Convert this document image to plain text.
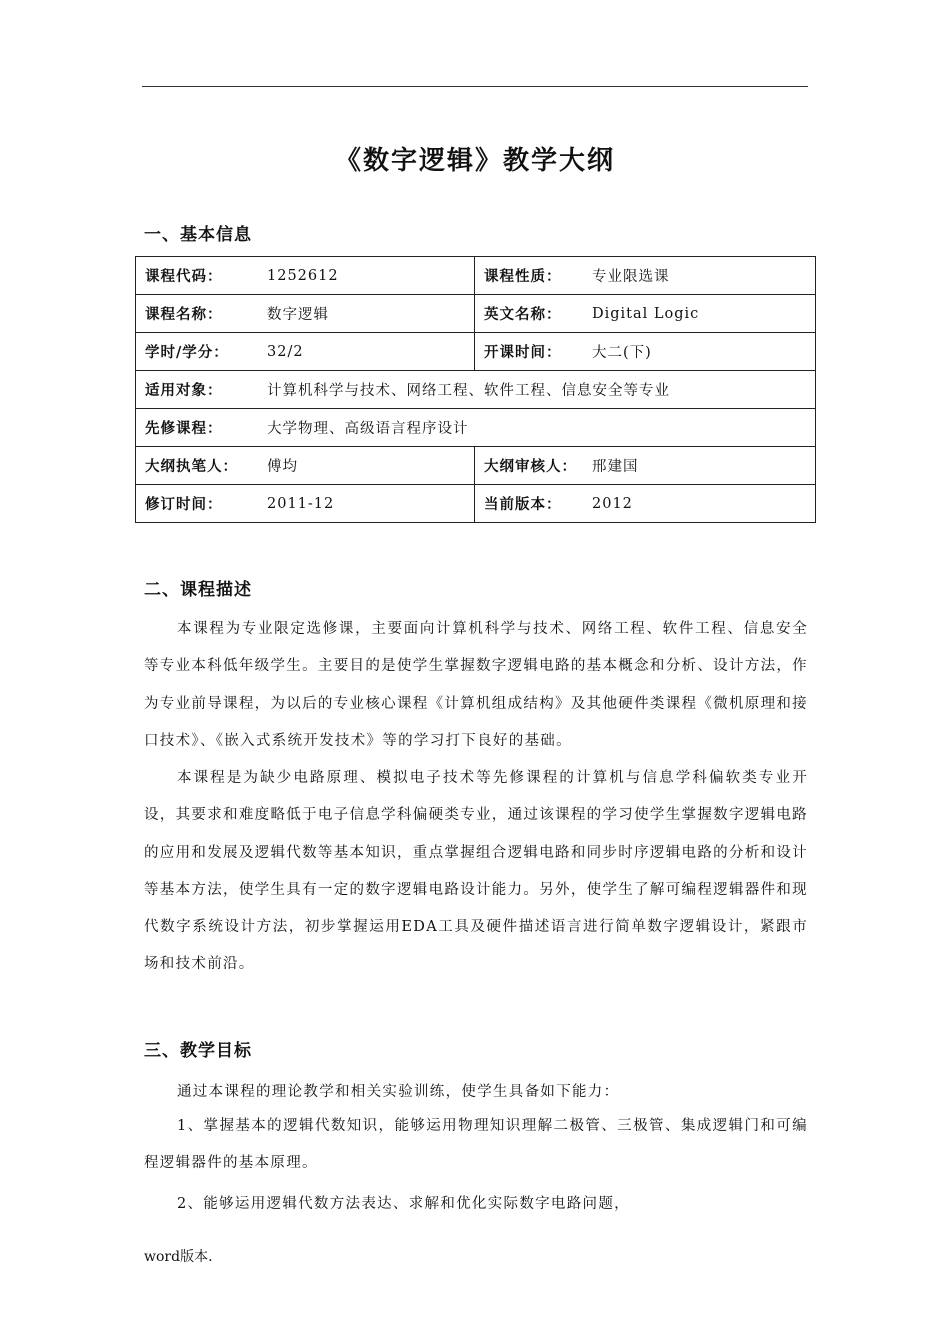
《数字逻辑》教学大纲
一、基本信息
课程代码： 1252612	课程性质： 专业限选课

课程名称： 数字逻辑	英文名称： Digital Logic

学时/学分： 32/2	开课时间： 大二(下)

适用对象： 计算机科学与技术、网络工程、软件工程、信息安全等专业	

先修课程： 大学物理、高级语言程序设计	

大纲执笔人： 傅均	大纲审核人： 邢建国

修订时间： 2011-12	当前版本： 2012
二、课程描述

本课程为专业限定选修课，主要面向计算机科学与技术、网络工程、软件工程、信息安全等专业本科低年级学生。主要目的是使学生掌握数字逻辑电路的基本概念和分析、设计方法，作为专业前导课程，为以后的专业核心课程《计算机组成结构》及其他硬件类课程《微机原理和接口技术》、《嵌入式系统开发技术》等的学习打下良好的基础。

本课程是为缺少电路原理、模拟电子技术等先修课程的计算机与信息学科偏软类专业开设，其要求和难度略低于电子信息学科偏硬类专业，通过该课程的学习使学生掌握数字逻辑电路的应用和发展及逻辑代数等基本知识，重点掌握组合逻辑电路和同步时序逻辑电路的分析和设计等基本方法，使学生具有一定的数字逻辑电路设计能力。另外，使学生了解可编程逻辑器件和现代数字系统设计方法，初步掌握运用EDA工具及硬件描述语言进行简单数字逻辑设计，紧跟市场和技术前沿。

三、教学目标

通过本课程的理论教学和相关实验训练，使学生具备如下能力：

1、掌握基本的逻辑代数知识，能够运用物理知识理解二极管、三极管、集成逻辑门和可编程逻辑器件的基本原理。

2、能够运用逻辑代数方法表达、求解和优化实际数字电路问题，

word版本.
